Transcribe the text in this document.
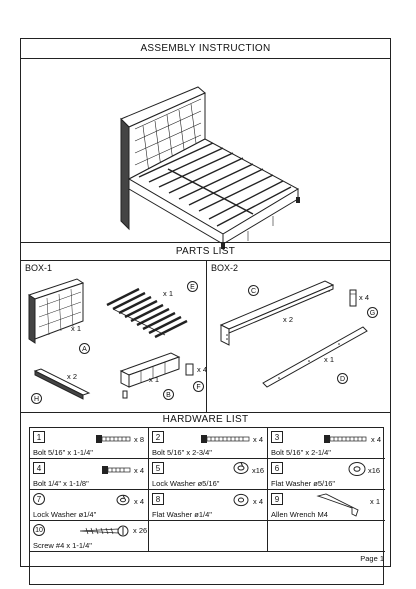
ASSEMBLY INSTRUCTION
PARTS LIST
BOX-1	BOX-2
x 1
A
x 1
E
x 1
B
x 4
F
x 2
H
C
x 2
x 4
G
x 1
D
HARDWARE LIST
1	x 8
Bolt 5/16" x 1-1/4"
2	x 4
Bolt 5/16" x 2-3/4"
3	x 4
Bolt 5/16" x 2-1/4"
4	x 4
Bolt 1/4" x 1-1/8"
5	x16
Lock Washer ø5/16"
6	x16
Flat Washer ø5/16"
7	x 4
Lock Washer ø1/4"
8	x 4
Flat Washer ø1/4"
9	x 1
Allen Wrench M4
10	x 26
Screw #4 x 1-1/4"
Page 1
